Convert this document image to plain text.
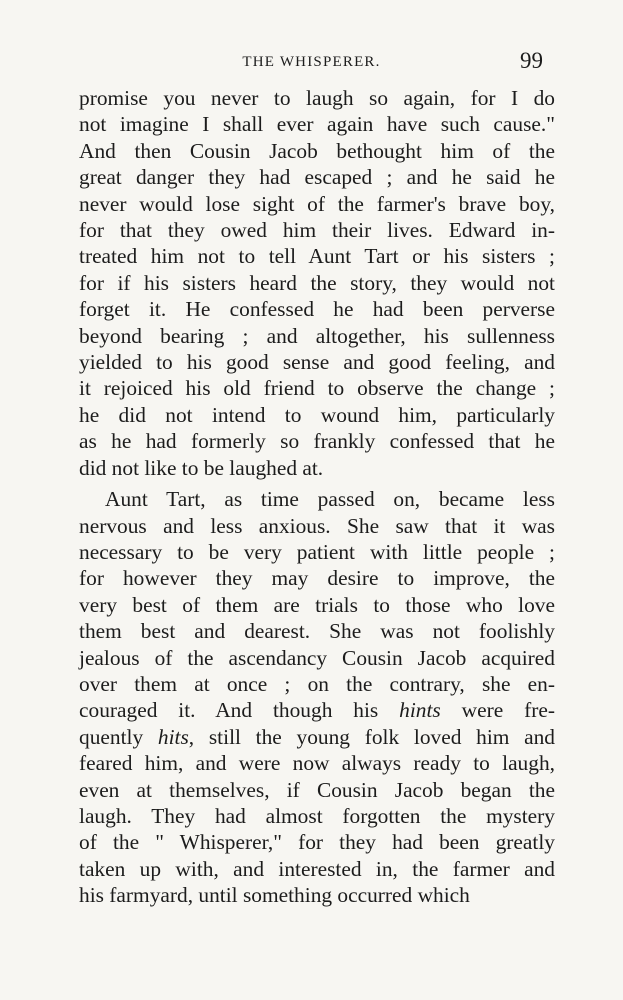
THE WHISPERER.	99

promise you never to laugh so again, for I do

not imagine I shall ever again have such cause."

And then Cousin Jacob bethought him of the

great danger they had escaped ; and he said he

never would lose sight of the farmer's brave boy,

for that they owed him their lives. Edward in-

treated him not to tell Aunt Tart or his sisters ;

for if his sisters heard the story, they would not

forget it. He confessed he had been perverse

beyond bearing ; and altogether, his sullenness

yielded to his good sense and good feeling, and

it rejoiced his old friend to observe the change ;

he did not intend to wound him, particularly

as he had formerly so frankly confessed that he

did not like to be laughed at.

Aunt Tart, as time passed on, became less

nervous and less anxious. She saw that it was

necessary to be very patient with little people ;

for however they may desire to improve, the

very best of them are trials to those who love

them best and dearest. She was not foolishly

jealous of the ascendancy Cousin Jacob acquired

over them at once ; on the contrary, she en-

couraged it. And though his hints were fre-

quently hits, still the young folk loved him and

feared him, and were now always ready to laugh,

even at themselves, if Cousin Jacob began the

laugh. They had almost forgotten the mystery

of the " Whisperer," for they had been greatly

taken up with, and interested in, the farmer and

his farmyard, until something occurred which
